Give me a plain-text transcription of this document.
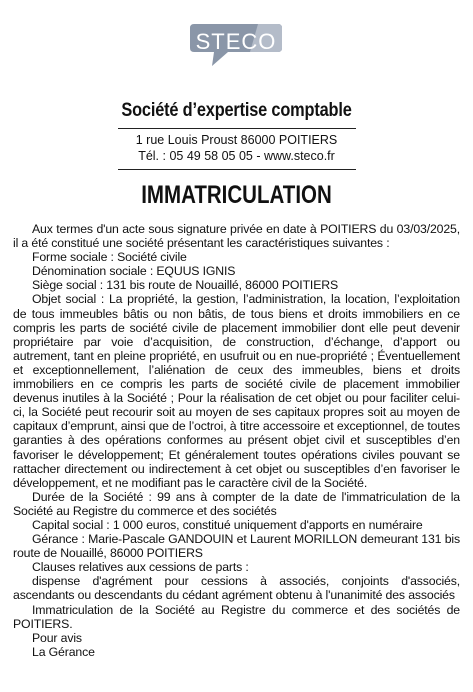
STECO
Société d’expertise comptable
1 rue Louis Proust 86000 POITIERS
Tél. : 05 49 58 05 05 - www.steco.fr
IMMATRICULATION

Aux termes d'un acte sous signature privée en date à POITIERS du 03/03/2025, il a été constitué une société présentant les caractéristiques suivantes :

Forme sociale : Société civile

Dénomination sociale : EQUUS IGNIS

Siège social : 131 bis route de Nouaillé, 86000 POITIERS

Objet social : La propriété, la gestion, l’administration, la location, l’exploitation de tous immeubles bâtis ou non bâtis, de tous biens et droits immobiliers en ce compris les parts de société civile de placement immobilier dont elle peut devenir propriétaire par voie d’acquisition, de construction, d’échange, d’apport ou autrement, tant en pleine propriété, en usufruit ou en nue-propriété ; Éventuellement et exceptionnellement, l’aliénation de ceux des immeubles, biens et droits immobiliers en ce compris les parts de société civile de placement immobilier devenus inutiles à la Société ; Pour la réalisation de cet objet ou pour faciliter celui-ci, la Société peut recourir soit au moyen de ses capitaux propres soit au moyen de capitaux d’emprunt, ainsi que de l’octroi, à titre accessoire et exceptionnel, de toutes garanties à des opérations conformes au présent objet civil et susceptibles d’en favoriser le développement; Et généralement toutes opérations civiles pouvant se rattacher directement ou indirectement à cet objet ou susceptibles d’en favoriser le développement, et ne modifiant pas le caractère civil de la Société.

Durée de la Société : 99 ans à compter de la date de l'immatriculation de la Société au Registre du commerce et des sociétés

Capital social : 1 000 euros, constitué uniquement d'apports en numéraire

Gérance : Marie-Pascale GANDOUIN et Laurent MORILLON demeurant 131 bis route de Nouaillé, 86000 POITIERS

Clauses relatives aux cessions de parts :

dispense d'agrément pour cessions à associés, conjoints d'associés, ascendants ou descendants du cédant agrément obtenu à l'unanimité des associés

Immatriculation de la Société au Registre du commerce et des sociétés de POITIERS.

Pour avis

La Gérance
